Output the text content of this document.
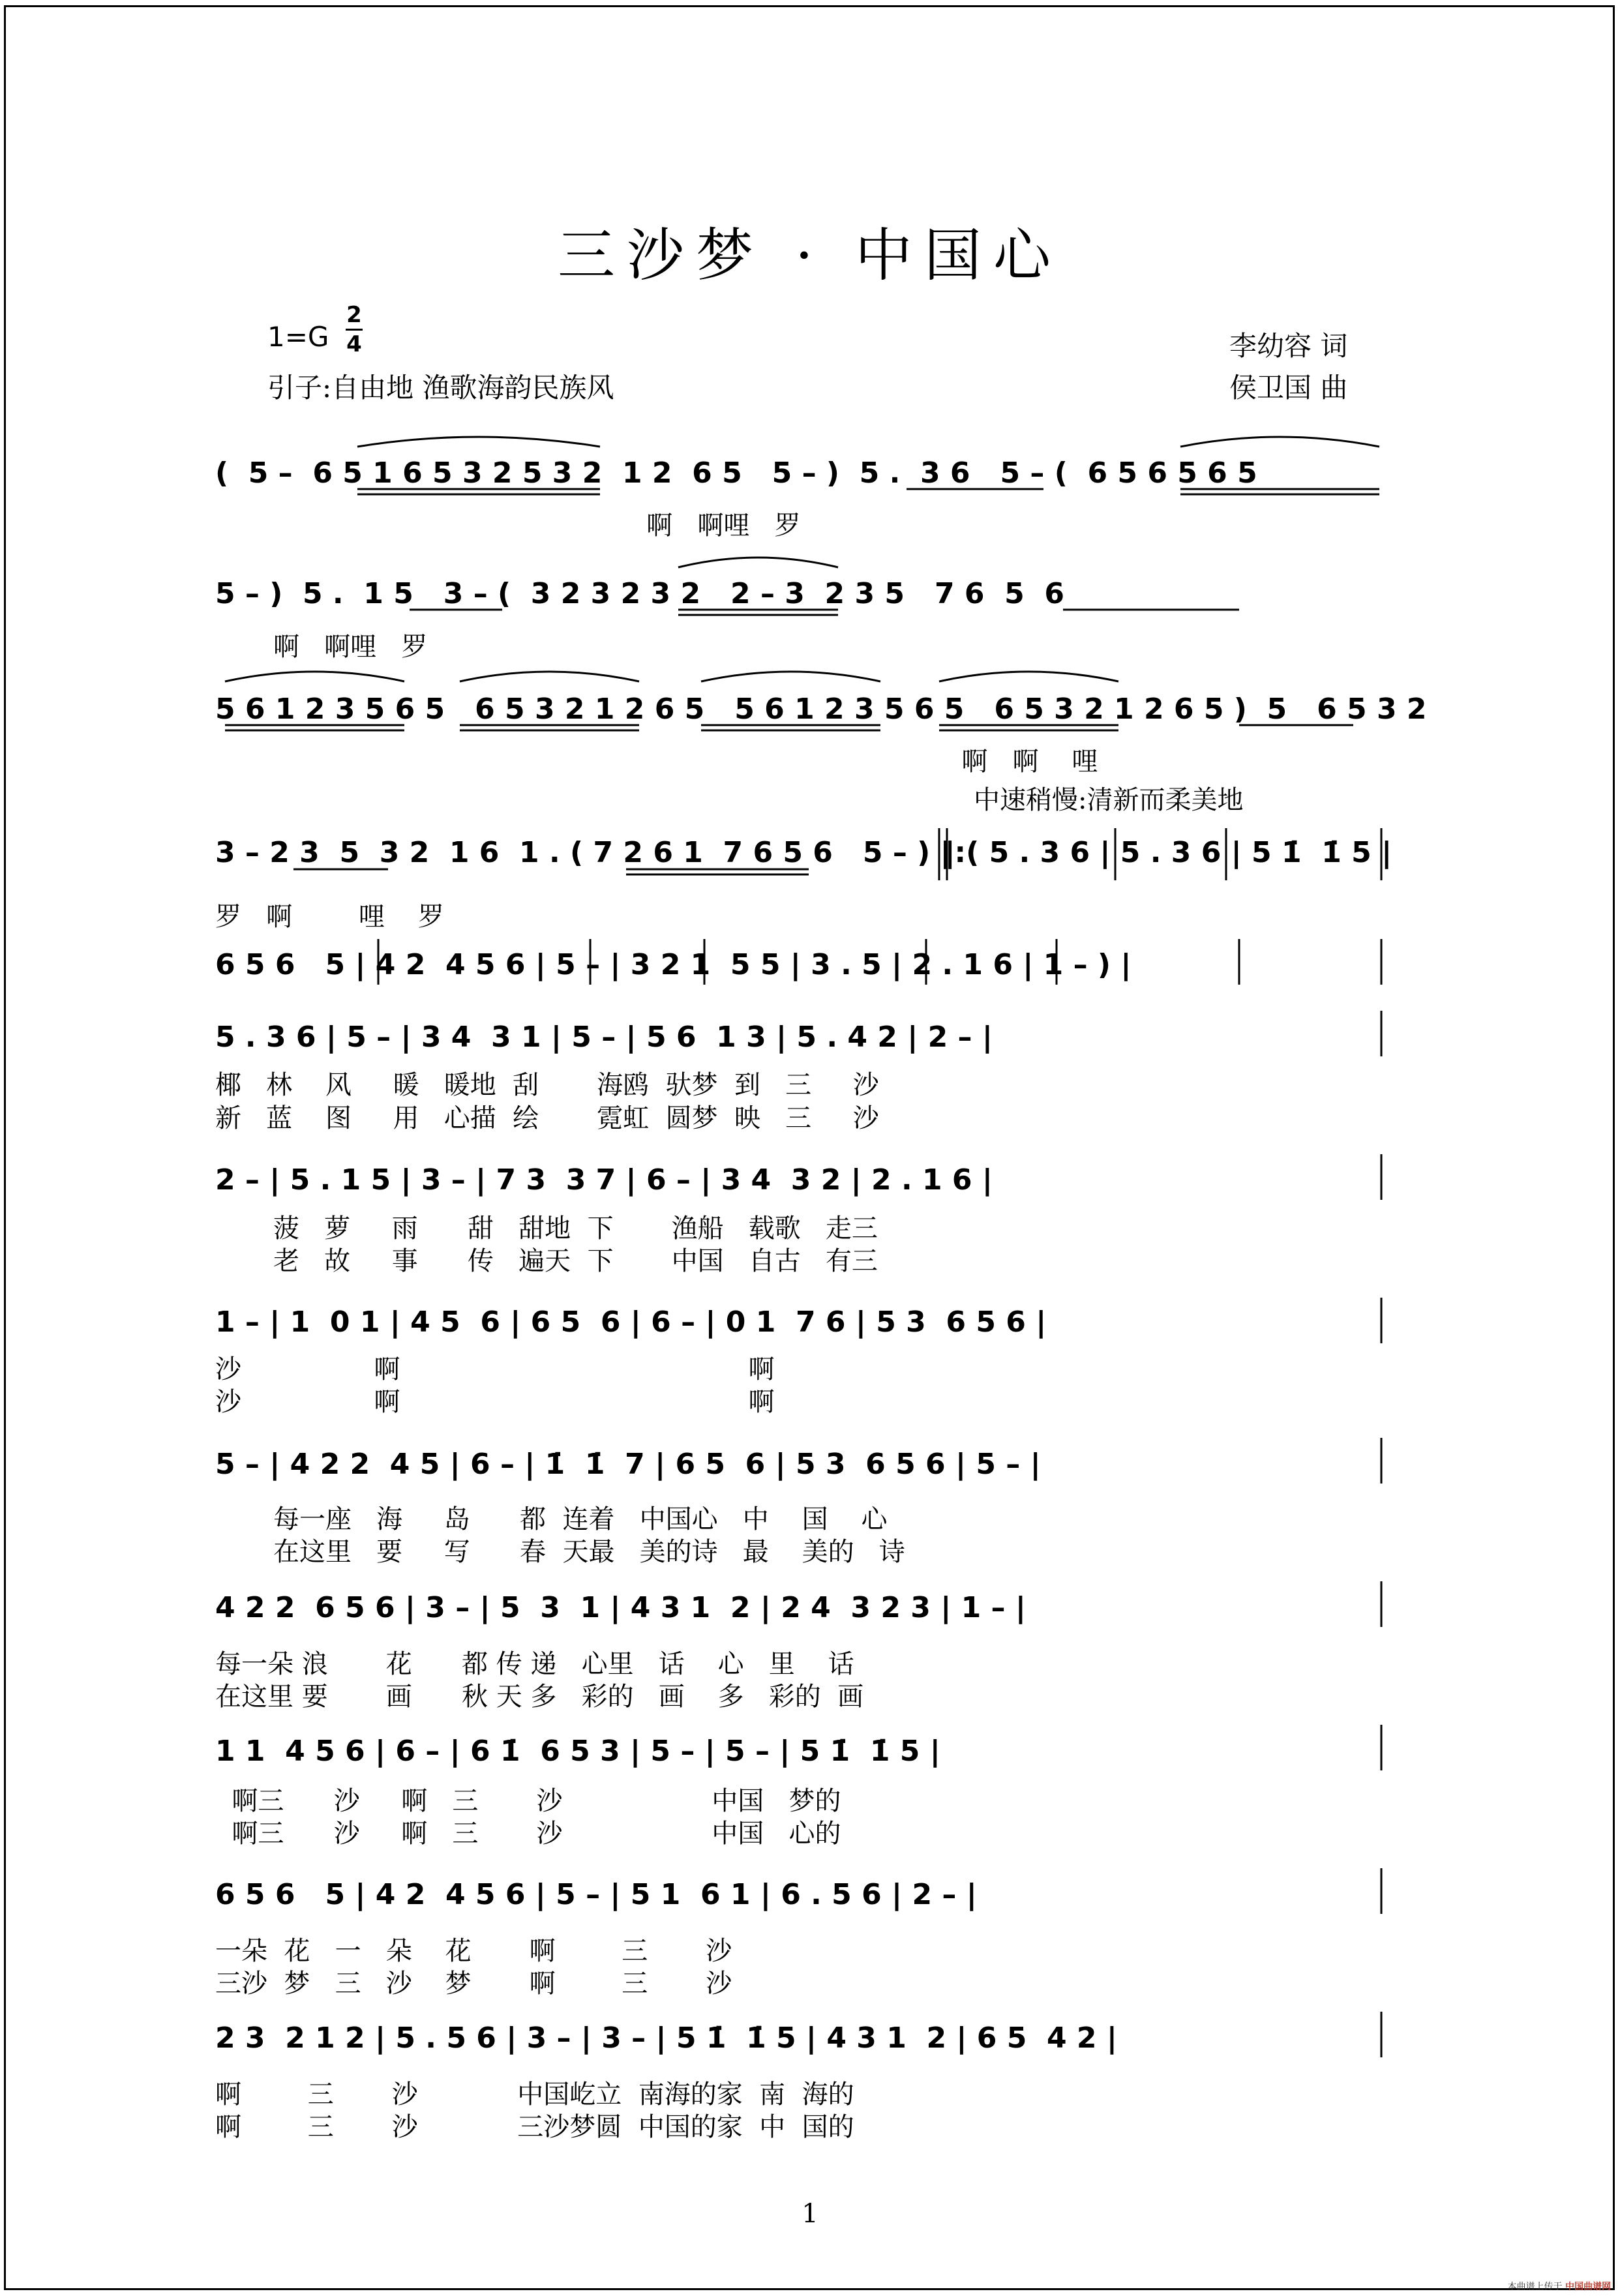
三沙梦 · 中国心
1=G
2
4
引子:自由地 渔歌海韵民族风
李幼容 词
侯卫国 曲
中速稍慢:清新而柔美地
(  5 –  6 5 1 6 5 3 2 5 3 2  1 2  6 5   5 – )  5 .  3 6   5 – (  6 5 6 5 6 5
啊   啊哩   罗
5 – )  5 .  1 5   3 – (  3 2 3 2 3 2   2 – 3  2 3 5   7 6  5  6
啊   啊哩   罗
5 6 1 2 3 5 6 5   6 5 3 2 1 2 6 5   5 6 1 2 3 5 6 5   6 5 3 2 1 2 6 5 )  5   6 5 3 2
啊   啊    哩
3 – 2 3  5  3 2  1 6  1 . ( 7 2 6 1  7 6 5 6   5 – ) ‖:( 5 . 3 6 | 5 . 3 6 | 5 1̇  1̇ 5 |
罗   啊        哩    罗
6 5 6   5 | 4 2  4 5 6 | 5 – | 3 2 1  5 5 | 3 . 5 | 2 . 1 6 | 1 – ) |
5 . 3 6 | 5 – | 3 4  3 1 | 5 – | 5 6  1 3 | 5 . 4 2 | 2 – |
椰   林    风     暖   暖地  刮       海鸥  驮梦  到   三     沙
新   蓝    图     用   心描  绘       霓虹  圆梦  映   三     沙
2 – | 5 . 1 5 | 3 – | 7 3  3 7 | 6 – | 3 4  3 2 | 2 . 1 6 |
菠   萝     雨      甜   甜地  下       渔船   载歌   走三
老   故     事      传   遍天  下       中国   自古   有三
1 – | 1  0 1 | 4 5  6 | 6 5  6 | 6 – | 0 1  7 6 | 5 3  6 5 6 |
沙                啊                                          啊
沙                啊                                          啊
5 – | 4 2 2  4 5 | 6 – | 1̇  1̇  7 | 6 5  6 | 5 3  6 5 6 | 5 – |
每一座   海     岛      都  连着   中国心   中    国    心
在这里   要     写      春  天最   美的诗   最    美的   诗
4 2 2  6 5 6 | 3 – | 5  3  1 | 4 3 1  2 | 2 4  3 2 3 | 1 – |
每一朵 浪       花      都 传 递   心里   话    心   里    话
在这里 要       画      秋 天 多   彩的   画    多   彩的  画
1 1  4 5 6 | 6 – | 6 1̇  6 5 3 | 5 – | 5 – | 5 1̇  1̇ 5 |
啊三      沙     啊   三       沙                  中国   梦的
啊三      沙     啊   三       沙                  中国   心的
6 5 6   5 | 4 2  4 5 6 | 5 – | 5 1  6 1 | 6 . 5 6 | 2 – |
一朵  花   一   朵    花       啊        三       沙
三沙  梦   三   沙    梦       啊        三       沙
2 3  2 1 2 | 5 . 5 6 | 3 – | 3 – | 5 1̇  1̇ 5 | 4 3 1  2 | 6 5  4 2 |
啊        三       沙            中国屹立  南海的家  南  海的
啊        三       沙            三沙梦圆  中国的家  中  国的
1
本曲谱上传于 中国曲谱网
